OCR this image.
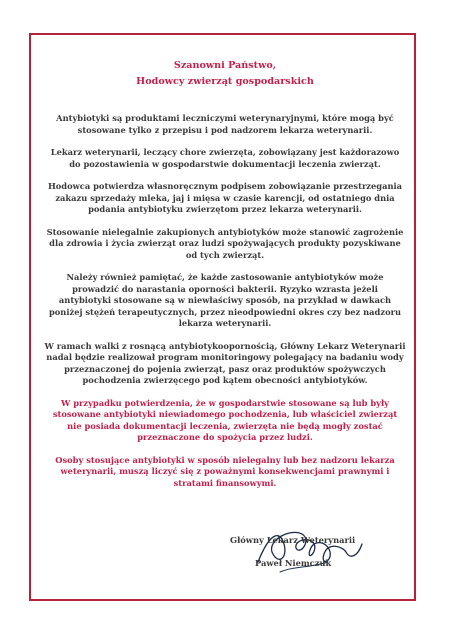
Szanowni Państwo,
Hodowcy zwierząt gospodarskich
Antybiotyki są produktami leczniczymi weterynaryjnymi, które mogą być
stosowane tylko z przepisu i pod nadzorem lekarza weterynarii.
Lekarz weterynarii, leczący chore zwierzęta, zobowiązany jest każdorazowo
do pozostawienia w gospodarstwie dokumentacji leczenia zwierząt.
Hodowca potwierdza własnoręcznym podpisem zobowiązanie przestrzegania
zakazu sprzedaży mleka, jaj i mięsa w czasie karencji, od ostatniego dnia
podania antybiotyku zwierzętom przez lekarza weterynarii.
Stosowanie nielegalnie zakupionych antybiotyków może stanowić zagrożenie
dla zdrowia i życia zwierząt oraz ludzi spożywających produkty pozyskiwane
od tych zwierząt.
Należy również pamiętać, że każde zastosowanie antybiotyków może
prowadzić do narastania oporności bakterii. Ryzyko wzrasta jeżeli
antybiotyki stosowane są w niewłaściwy sposób, na przykład w dawkach
poniżej stężeń terapeutycznych, przez nieodpowiedni okres czy bez nadzoru
lekarza weterynarii.
W ramach walki z rosnącą antybiotykoopornością, Główny Lekarz Weterynarii
nadal będzie realizował program monitoringowy polegający na badaniu wody
przeznaczonej do pojenia zwierząt, pasz oraz produktów spożywczych
pochodzenia zwierzęcego pod kątem obecności antybiotyków.
W przypadku potwierdzenia, że w gospodarstwie stosowane są lub były
stosowane antybiotyki niewiadomego pochodzenia, lub właściciel zwierząt
nie posiada dokumentacji leczenia, zwierzęta nie będą mogły zostać
przeznaczone do spożycia przez ludzi.
Osoby stosujące antybiotyki w sposób nielegalny lub bez nadzoru lekarza
weterynarii, muszą liczyć się z poważnymi konsekwencjami prawnymi i
stratami finansowymi.
Główny Lekarz Weterynarii
Paweł Niemczuk
